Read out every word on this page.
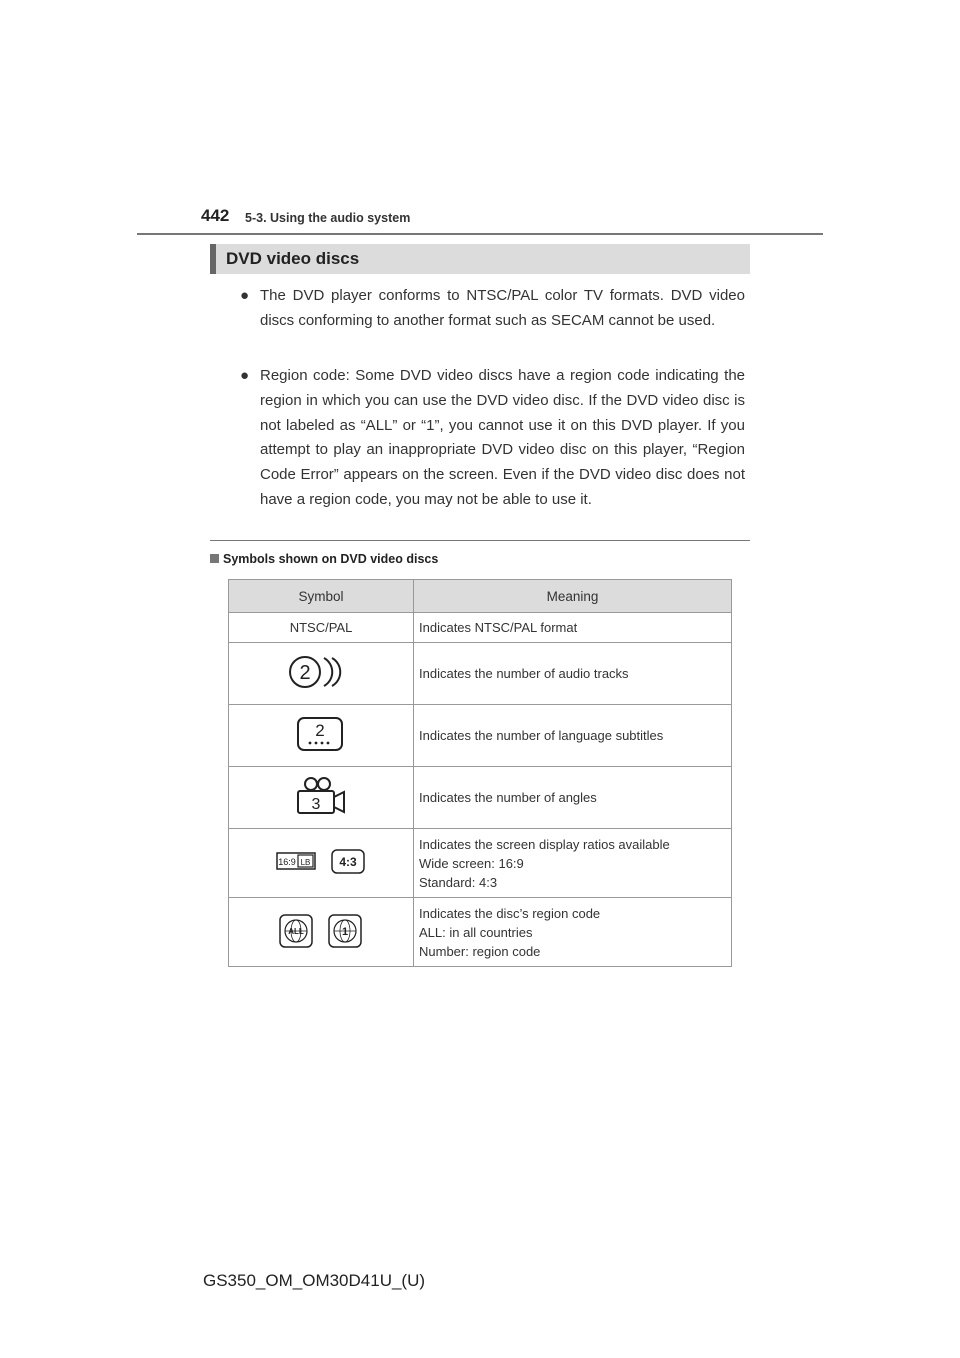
442 5-3. Using the audio system
DVD video discs
● The DVD player conforms to NTSC/PAL color TV formats. DVD video discs conforming to another format such as SECAM cannot be used.
● Region code: Some DVD video discs have a region code indicating the region in which you can use the DVD video disc. If the DVD video disc is not labeled as “ALL” or “1”, you cannot use it on this DVD player. If you attempt to play an inappropriate DVD video disc on this player, “Region Code Error” appears on the screen. Even if the DVD video disc does not have a region code, you may not be able to use it.
Symbols shown on DVD video discs
Symbol	Meaning
NTSC/PAL	Indicates NTSC/PAL format

2	Indicates the number of audio tracks

2	Indicates the number of language subtitles

3	Indicates the number of angles

16:9 LB 4:3	Indicates the screen display ratios available
Wide screen: 16:9
Standard: 4:3

ALL 1	Indicates the disc’s region code
ALL: in all countries
Number: region code
GS350_OM_OM30D41U_(U)
